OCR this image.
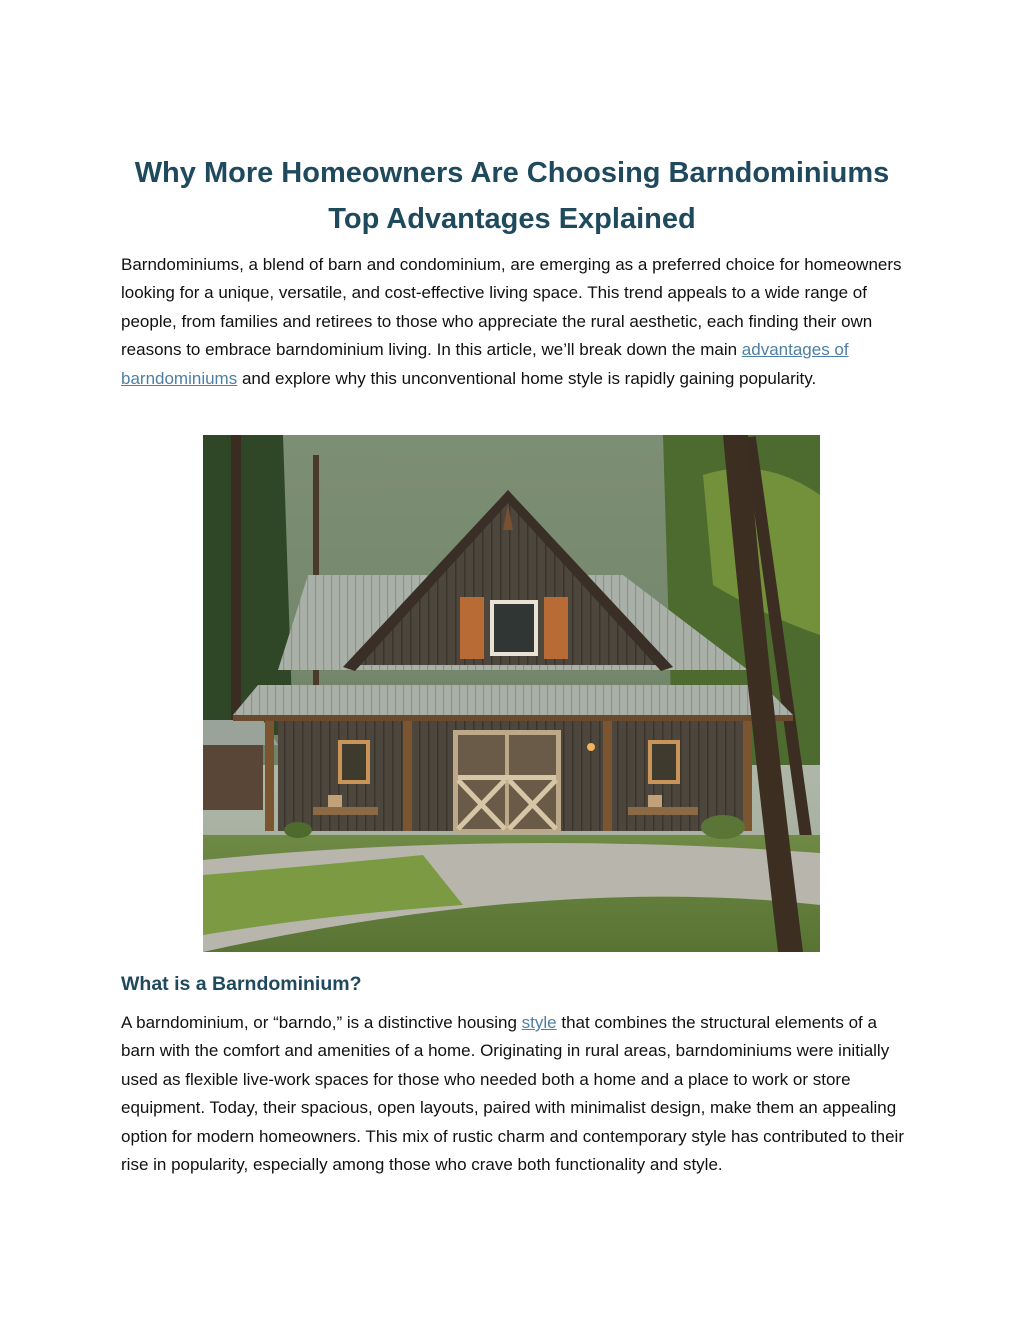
Why More Homeowners Are Choosing Barndominiums
Top Advantages Explained

Barndominiums, a blend of barn and condominium, are emerging as a preferred choice for homeowners looking for a unique, versatile, and cost-effective living space. This trend appeals to a wide range of people, from families and retirees to those who appreciate the rural aesthetic, each finding their own reasons to embrace barndominium living. In this article, we’ll break down the main advantages of barndominiums and explore why this unconventional home style is rapidly gaining popularity.

What is a Barndominium?

A barndominium, or “barndo,” is a distinctive housing style that combines the structural elements of a barn with the comfort and amenities of a home. Originating in rural areas, barndominiums were initially used as flexible live-work spaces for those who needed both a home and a place to work or store equipment. Today, their spacious, open layouts, paired with minimalist design, make them an appealing option for modern homeowners. This mix of rustic charm and contemporary style has contributed to their rise in popularity, especially among those who crave both functionality and style.
